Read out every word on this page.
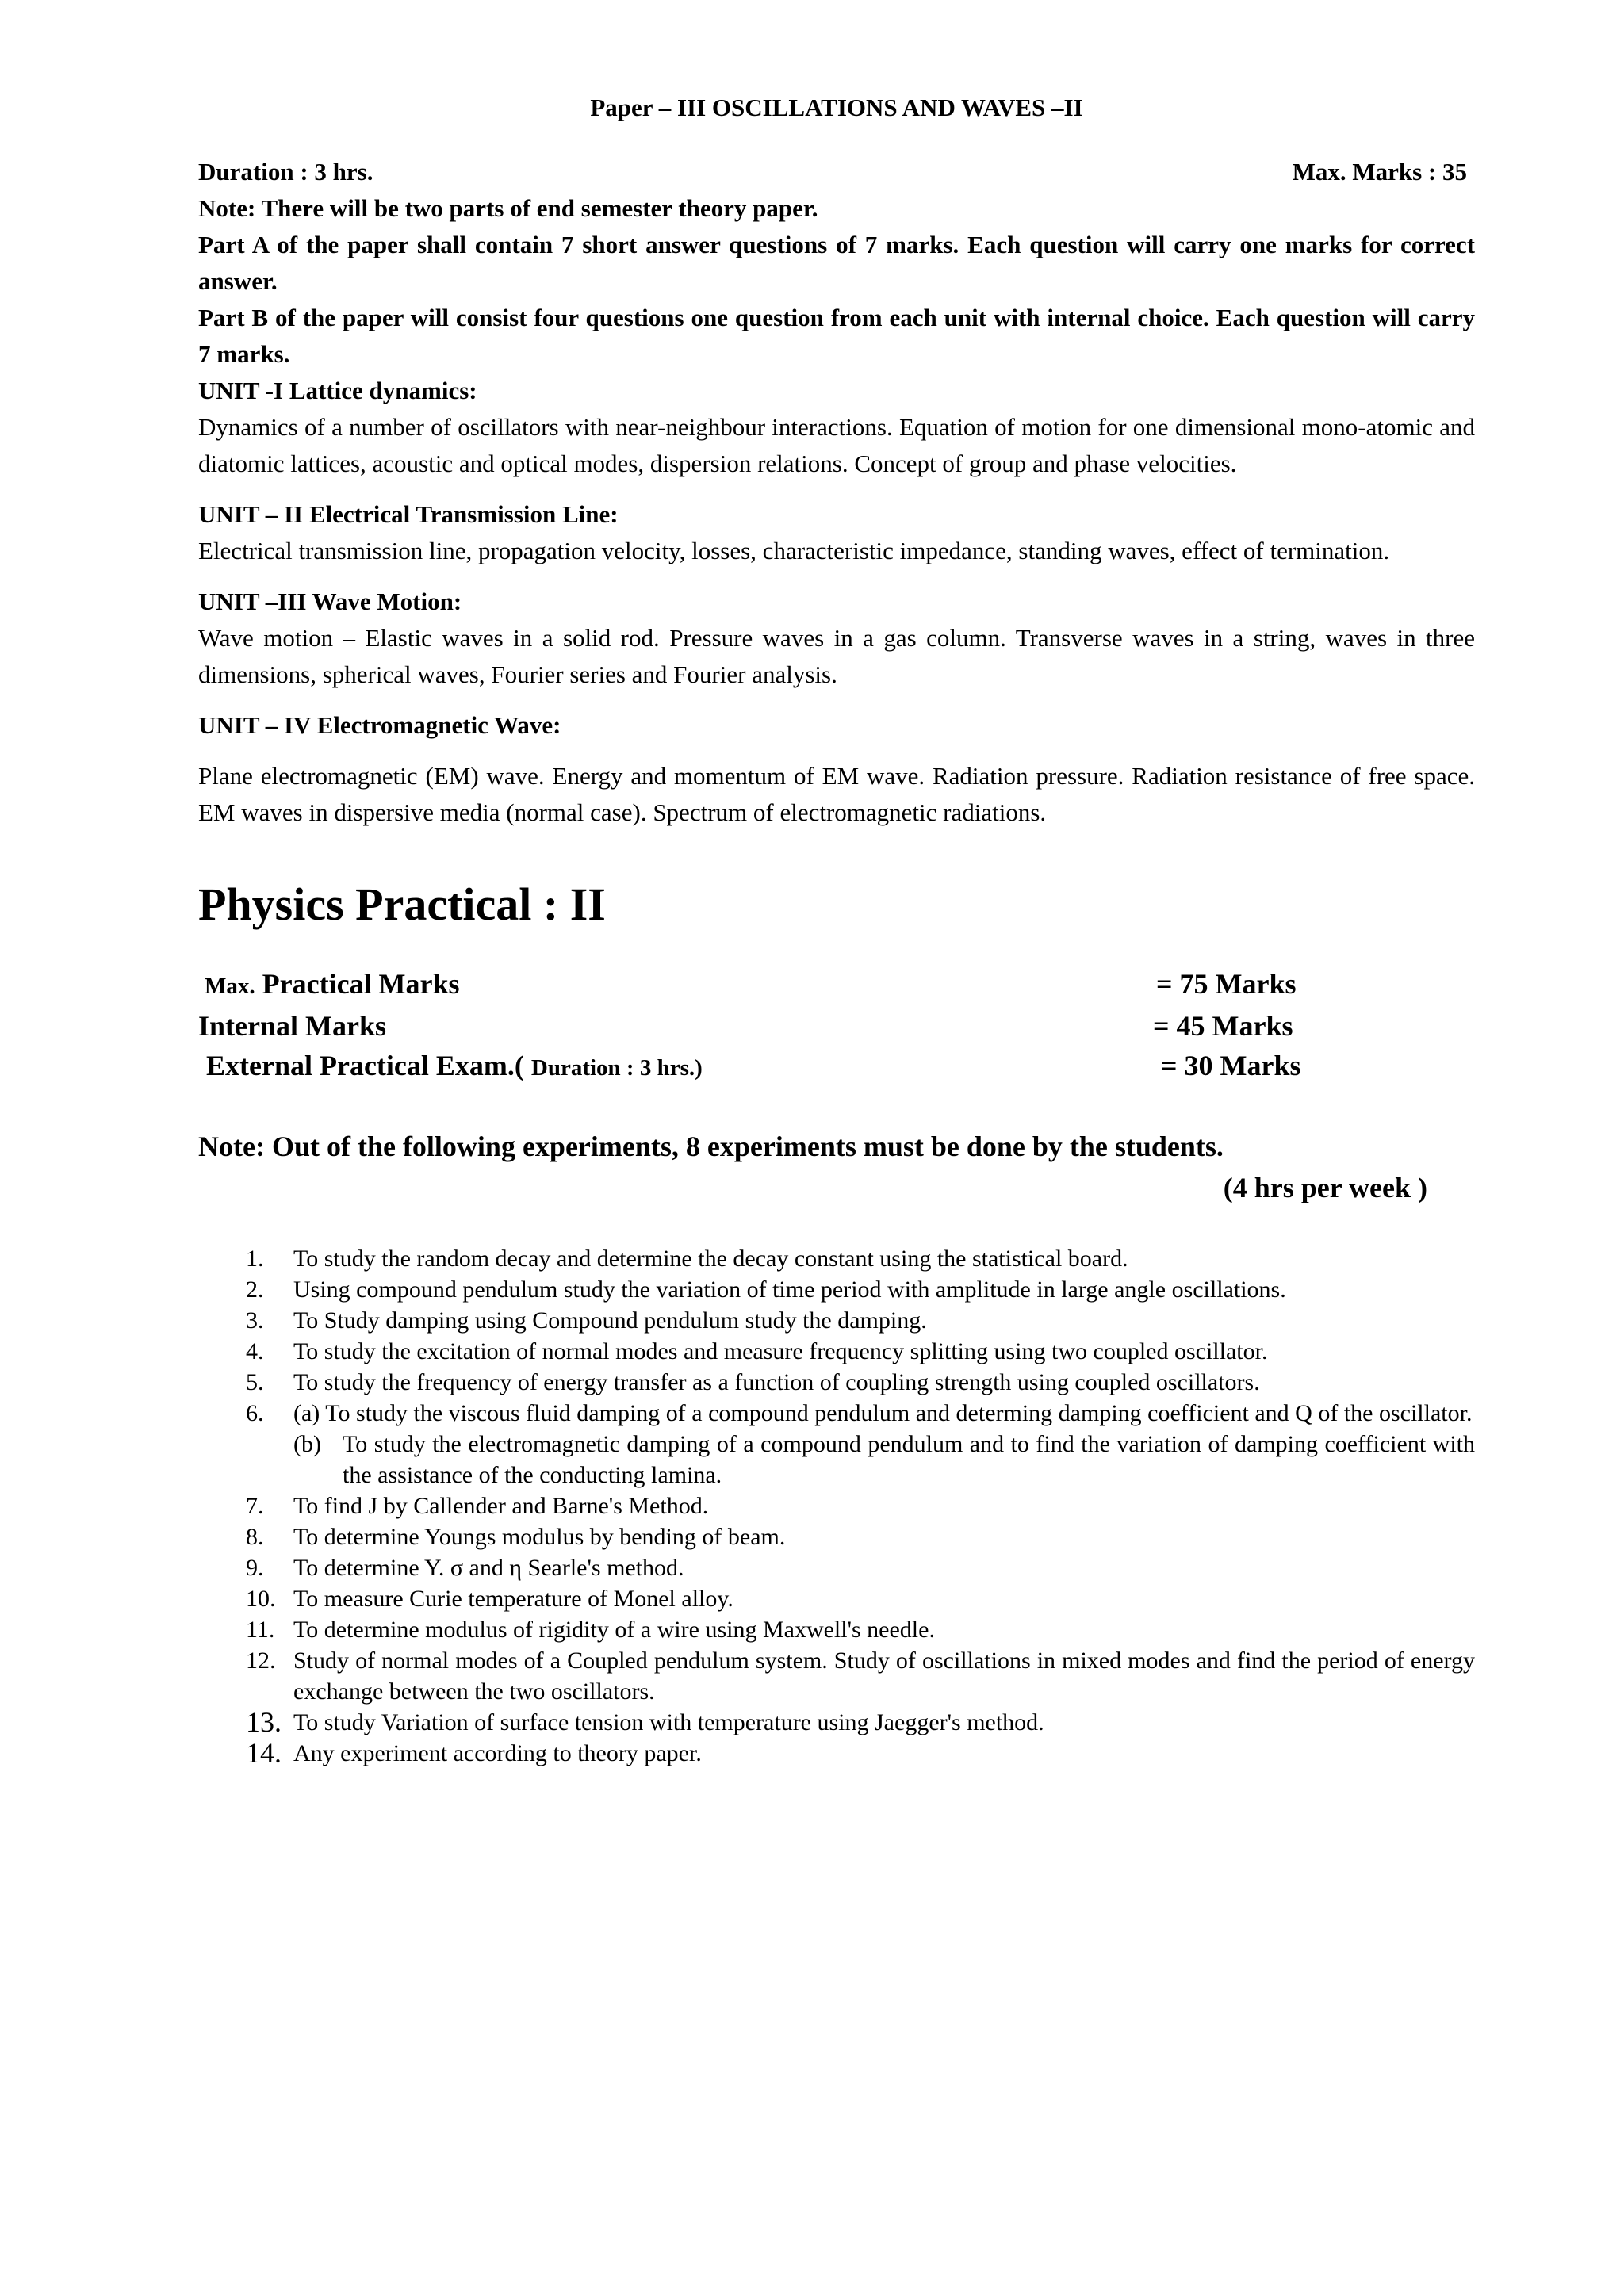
Paper – III OSCILLATIONS AND WAVES –II
Duration : 3 hrs.	Max. Marks : 35

Note: There will be two parts of end semester theory paper.

Part A of the paper shall contain 7 short answer questions of 7 marks. Each question will carry one marks for correct answer.

Part B of the paper will consist four questions one question from each unit with internal choice. Each question will carry 7 marks.

UNIT -I Lattice dynamics:

Dynamics of a number of oscillators with near-neighbour interactions. Equation of motion for one dimensional mono-atomic and diatomic lattices, acoustic and optical modes, dispersion relations. Concept of group and phase velocities.

UNIT – II Electrical Transmission Line:

Electrical transmission line, propagation velocity, losses, characteristic impedance, standing waves, effect of termination.

UNIT –III Wave Motion:

Wave motion – Elastic waves in a solid rod. Pressure waves in a gas column. Transverse waves in a string, waves in three dimensions, spherical waves, Fourier series and Fourier analysis.

UNIT – IV Electromagnetic Wave:

Plane electromagnetic (EM) wave. Energy and momentum of EM wave. Radiation pressure. Radiation resistance of free space. EM waves in dispersive media (normal case). Spectrum of electromagnetic radiations.

Physics Practical : II
Max. Practical Marks	= 75 Marks
Internal Marks	= 45 Marks
External Practical Exam.( Duration : 3 hrs.)	= 30 Marks
Note: Out of the following experiments, 8 experiments must be done by the students.
(4 hrs per week )
1.	To study the random decay and determine the decay constant using the statistical board.
2.	Using compound pendulum study the variation of time period with amplitude in large angle oscillations.
3.	To Study damping using Compound pendulum study the damping.
4.	To study the excitation of normal modes and measure frequency splitting using two coupled oscillator.
5.	To study the frequency of energy transfer as a function of coupling strength using coupled oscillators.
6.	(a) To study the viscous fluid damping of a compound pendulum and determing damping coefficient and Q of the oscillator.
(b) To study the electromagnetic damping of a compound pendulum and to find the variation of damping coefficient with the assistance of the conducting lamina.
7.	To find J by Callender and Barne's Method.
8.	To determine Youngs modulus by bending of beam.
9.	To determine Y. σ and η Searle's method.
10. To measure Curie temperature of Monel alloy.
11. To determine modulus of rigidity of a wire using Maxwell's needle.
12. Study of normal modes of a Coupled pendulum system. Study of oscillations in mixed modes and find the period of energy exchange between the two oscillators.
13. To study Variation of surface tension with temperature using Jaegger's method.
14. Any experiment according to theory paper.
